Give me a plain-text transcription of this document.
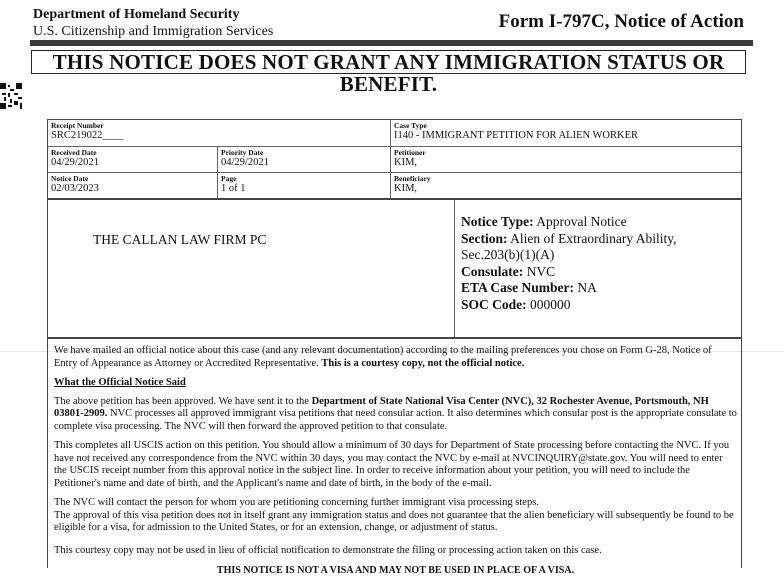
Department of Homeland Security
U.S. Citizenship and Immigration Services	Form I-797C, Notice of Action
THIS NOTICE DOES NOT GRANT ANY IMMIGRATION STATUS OR BENEFIT.
Receipt Number
SRC219022____
Case Type
I140 - IMMIGRANT PETITION FOR ALIEN WORKER
Received Date
04/29/2021
Priority Date
04/29/2021
Petitioner
KIM,
Notice Date
02/03/2023
Page
1 of 1
Beneficiary
KIM,
THE CALLAN LAW FIRM PC
Notice Type: Approval Notice
Section: Alien of Extraordinary Ability, Sec.203(b)(1)(A)
Consulate: NVC
ETA Case Number: NA
SOC Code: 000000

We have mailed an official notice about this case (and any relevant documentation) according to the mailing preferences you chose on Form G-28, Notice of Entry of Appearance as Attorney or Accredited Representative. This is a courtesy copy, not the official notice.

What the Official Notice Said

The above petition has been approved. We have sent it to the Department of State National Visa Center (NVC), 32 Rochester Avenue, Portsmouth, NH 03801-2909. NVC processes all approved immigrant visa petitions that need consular action. It also determines which consular post is the appropriate consulate to complete visa processing. The NVC will then forward the approved petition to that consulate.

This completes all USCIS action on this petition. You should allow a minimum of 30 days for Department of State processing before contacting the NVC. If you have not received any correspondence from the NVC within 30 days, you may contact the NVC by e-mail at NVCINQUIRY@state.gov. You will need to enter the USCIS receipt number from this approval notice in the subject line. In order to receive information about your petition, you will need to include the Petitioner's name and date of birth, and the Applicant's name and date of birth, in the body of the e-mail.

The NVC will contact the person for whom you are petitioning concerning further immigrant visa processing steps.
The approval of this visa petition does not in itself grant any immigration status and does not guarantee that the alien beneficiary will subsequently be found to be eligible for a visa, for admission to the United States, or for an extension, change, or adjustment of status.

This courtesy copy may not be used in lieu of official notification to demonstrate the filing or processing action taken on this case.

THIS NOTICE IS NOT A VISA AND MAY NOT BE USED IN PLACE OF A VISA.
